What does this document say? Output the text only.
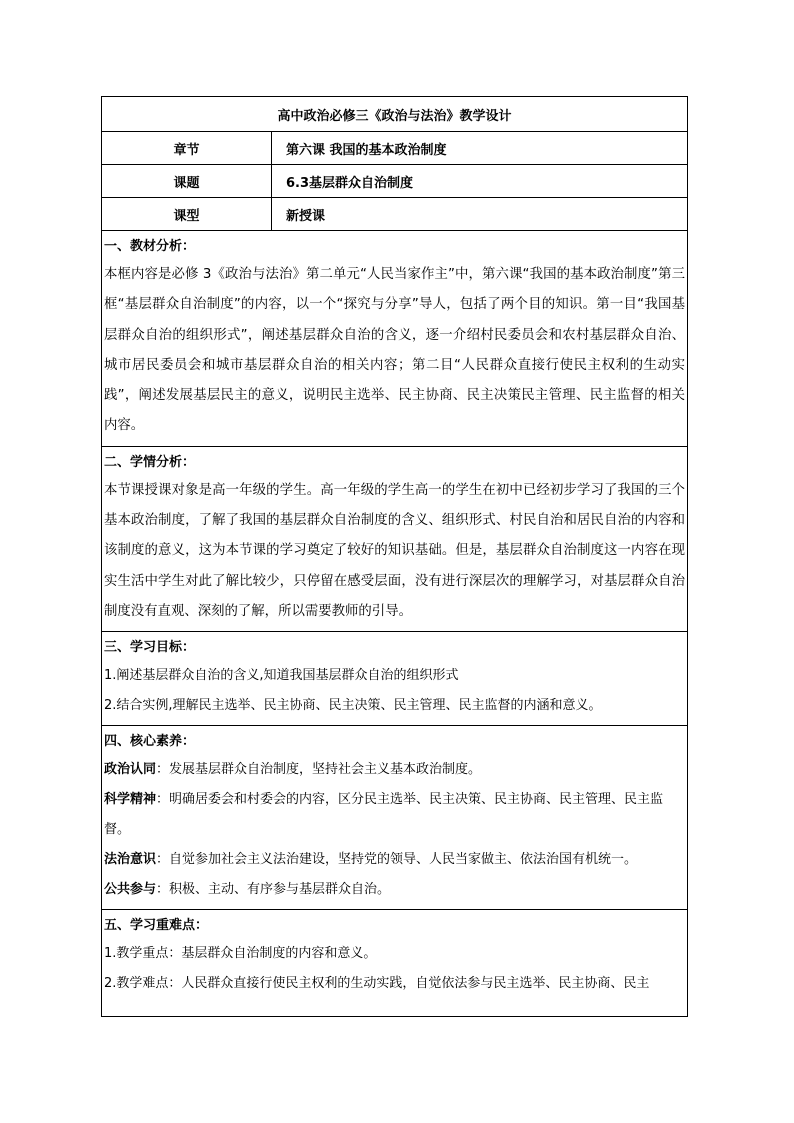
高中政治必修三《政治与法治》教学设计
章节	第六课 我国的基本政治制度
课题	6.3基层群众自治制度
课型	新授课
一、教材分析：

本框内容是必修 3《政治与法治》第二单元“人民当家作主”中，第六课“我国的基本政治制度”第三框“基层群众自治制度”的内容，以一个“探究与分享”导人，包括了两个目的知识。第一目“我国基层群众自治的组织形式”，阐述基层群众自治的含义，逐一介绍村民委员会和农村基层群众自治、城市居民委员会和城市基层群众自治的相关内容；第二目“人民群众直接行使民主权利的生动实践”，阐述发展基层民主的意义，说明民主选举、民主协商、民主决策民主管理、民主监督的相关内容。

二、学情分析：

本节课授课对象是高一年级的学生。高一年级的学生高一的学生在初中已经初步学习了我国的三个基本政治制度，了解了我国的基层群众自治制度的含义、组织形式、村民自治和居民自治的内容和该制度的意义，这为本节课的学习奠定了较好的知识基础。但是，基层群众自治制度这一内容在现实生活中学生对此了解比较少，只停留在感受层面，没有进行深层次的理解学习，对基层群众自治制度没有直观、深刻的了解，所以需要教师的引导。

三、学习目标：

1.阐述基层群众自治的含义,知道我国基层群众自治的组织形式

2.结合实例,理解民主选举、民主协商、民主决策、民主管理、民主监督的内涵和意义。

四、核心素养：

政治认同：发展基层群众自治制度，坚持社会主义基本政治制度。

科学精神：明确居委会和村委会的内容，区分民主选举、民主决策、民主协商、民主管理、民主监督。

法治意识：自觉参加社会主义法治建设，坚持党的领导、人民当家做主、依法治国有机统一。

公共参与：积极、主动、有序参与基层群众自治。

五、学习重难点：

1.教学重点：基层群众自治制度的内容和意义。

2.教学难点：人民群众直接行使民主权利的生动实践，自觉依法参与民主选举、民主协商、民主
